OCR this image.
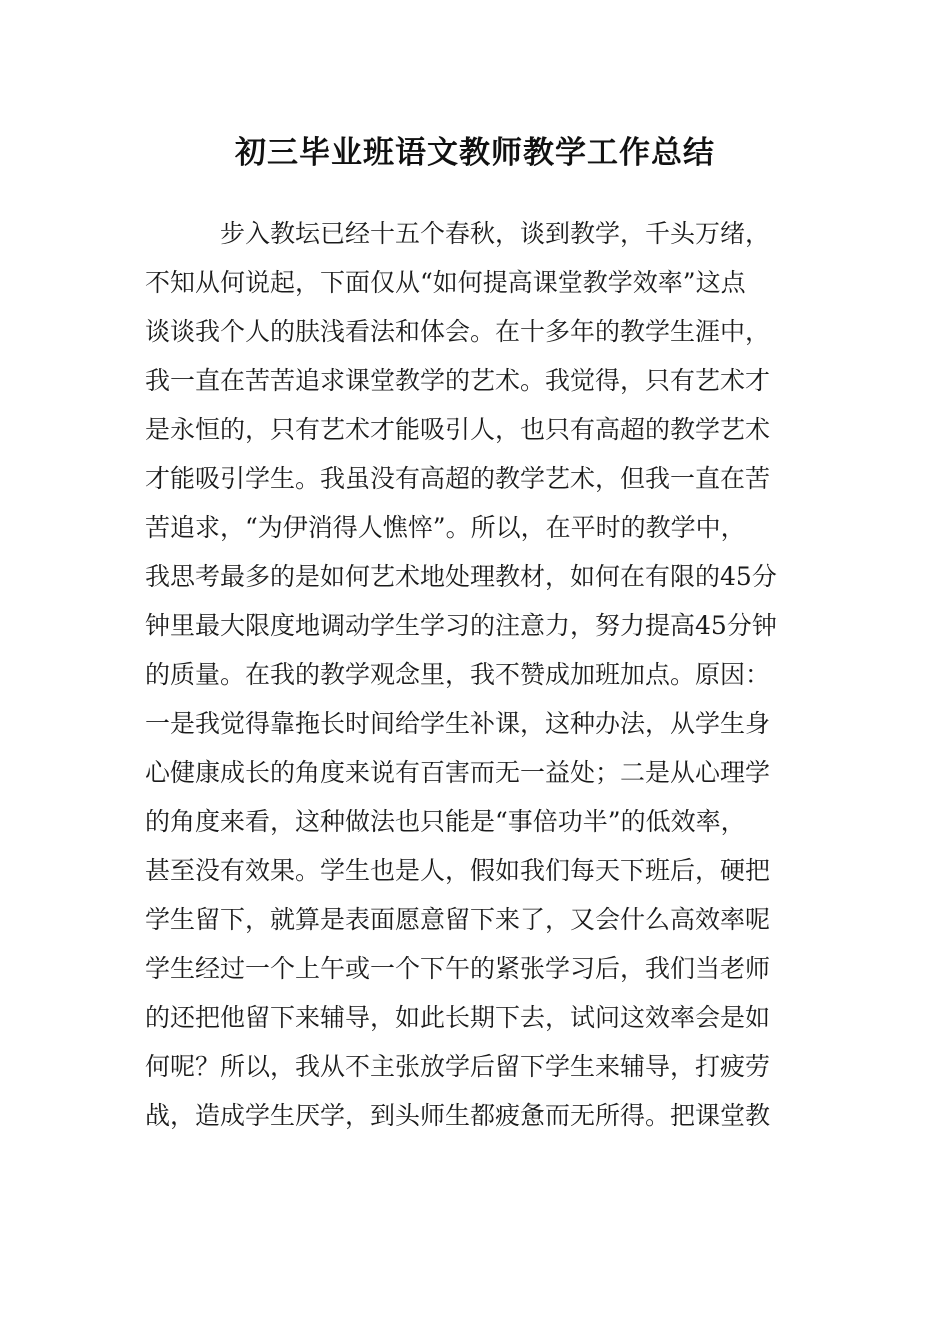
初三毕业班语文教师教学工作总结
　　　步入教坛已经十五个春秋，谈到教学，千头万绪，
不知从何说起，下面仅从“如何提高课堂教学效率”这点
谈谈我个人的肤浅看法和体会。在十多年的教学生涯中，
我一直在苦苦追求课堂教学的艺术。我觉得，只有艺术才
是永恒的，只有艺术才能吸引人，也只有高超的教学艺术
才能吸引学生。我虽没有高超的教学艺术，但我一直在苦
苦追求，“为伊消得人憔悴”。所以，在平时的教学中，
我思考最多的是如何艺术地处理教材，如何在有限的45分
钟里最大限度地调动学生学习的注意力，努力提高45分钟
的质量。在我的教学观念里，我不赞成加班加点。原因：
一是我觉得靠拖长时间给学生补课，这种办法，从学生身
心健康成长的角度来说有百害而无一益处；二是从心理学
的角度来看，这种做法也只能是“事倍功半”的低效率，
甚至没有效果。学生也是人，假如我们每天下班后，硬把
学生留下，就算是表面愿意留下来了，又会什么高效率呢
学生经过一个上午或一个下午的紧张学习后，我们当老师
的还把他留下来辅导，如此长期下去，试问这效率会是如
何呢？所以，我从不主张放学后留下学生来辅导，打疲劳
战，造成学生厌学，到头师生都疲惫而无所得。把课堂教
